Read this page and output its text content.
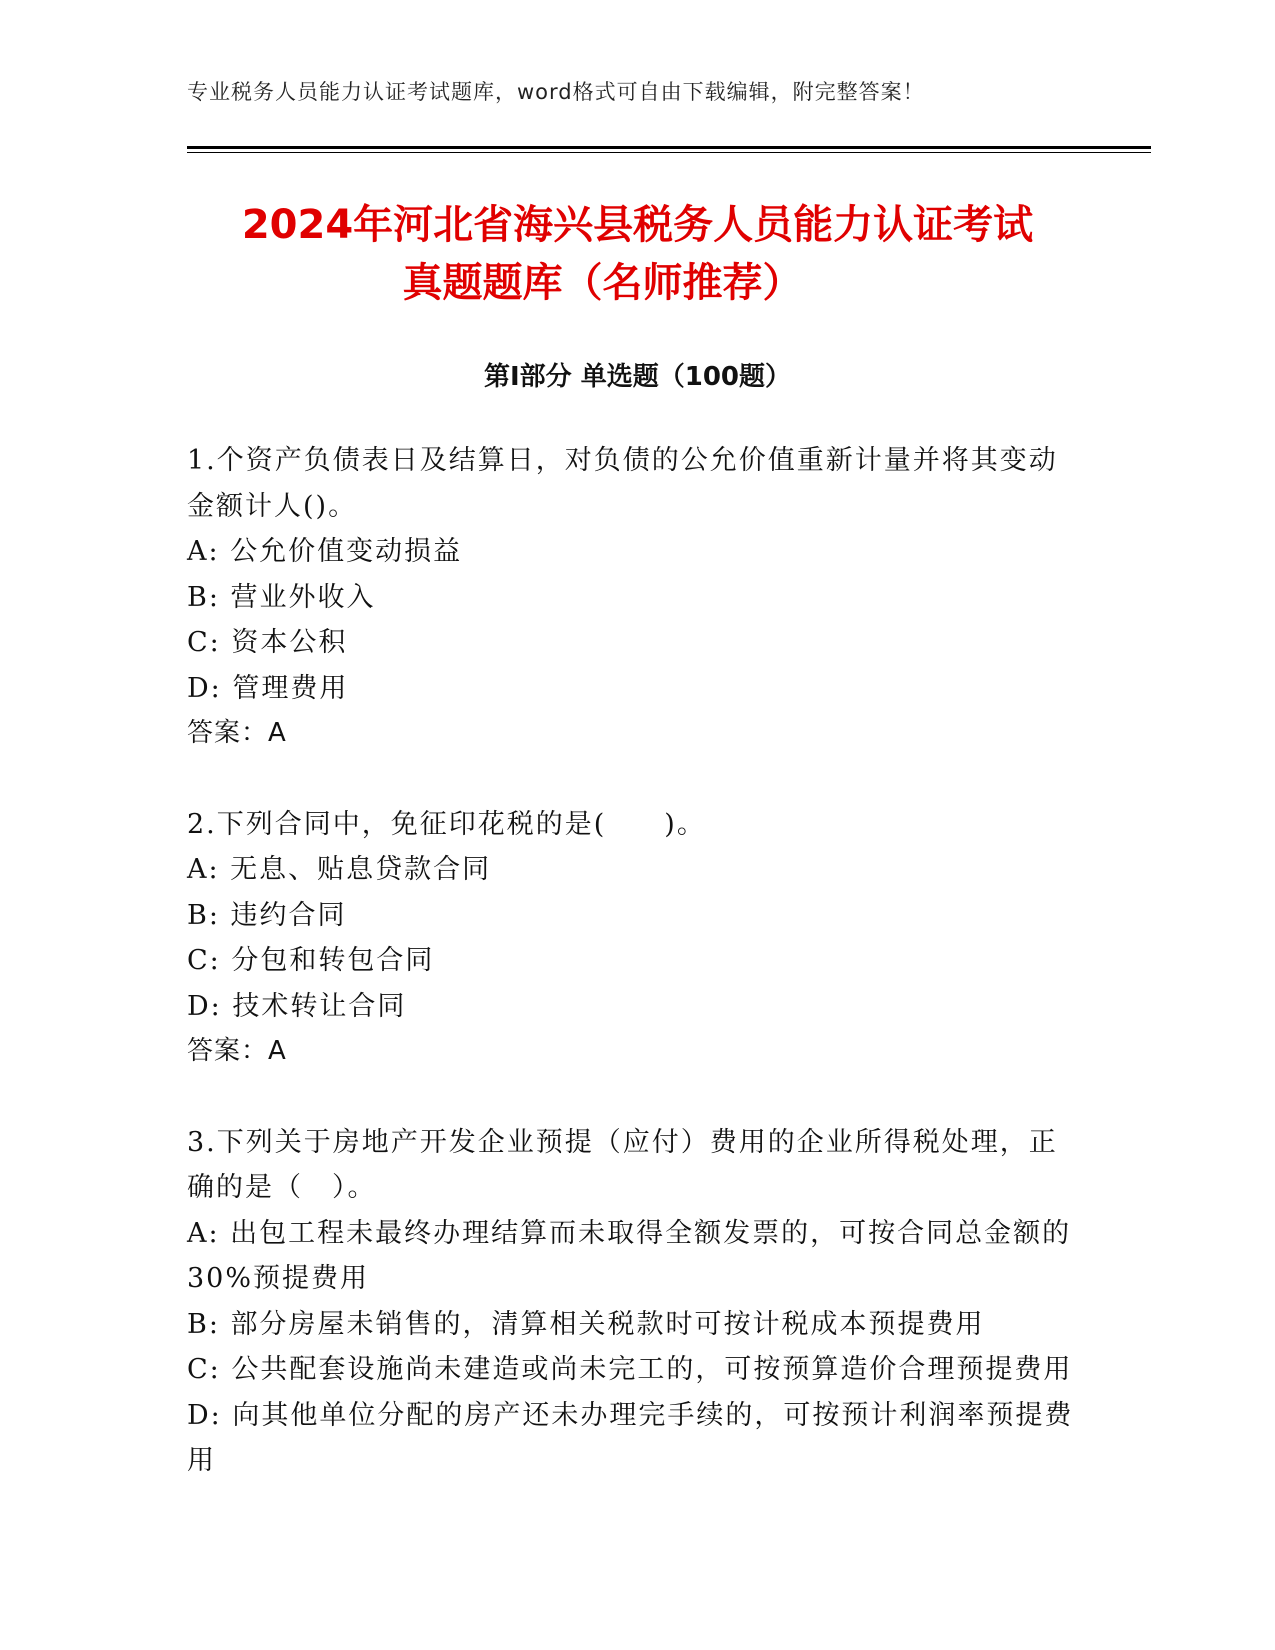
专业税务人员能力认证考试题库，word格式可自由下载编辑，附完整答案！
2024年河北省海兴县税务人员能力认证考试
真题题库（名师推荐）
第Ⅰ部分 单选题（100题）

1.个资产负债表日及结算日，对负债的公允价值重新计量并将其变动金额计人()。

A: 公允价值变动损益

B: 营业外收入

C: 资本公积

D: 管理费用

答案：A

2.下列合同中，免征印花税的是(　　)。

A: 无息、贴息贷款合同

B: 违约合同

C: 分包和转包合同

D: 技术转让合同

答案：A

3.下列关于房地产开发企业预提（应付）费用的企业所得税处理，正确的是（　）。

A: 出包工程未最终办理结算而未取得全额发票的，可按合同总金额的30%预提费用

B: 部分房屋未销售的，清算相关税款时可按计税成本预提费用

C: 公共配套设施尚未建造或尚未完工的，可按预算造价合理预提费用

D: 向其他单位分配的房产还未办理完手续的，可按预计利润率预提费用
